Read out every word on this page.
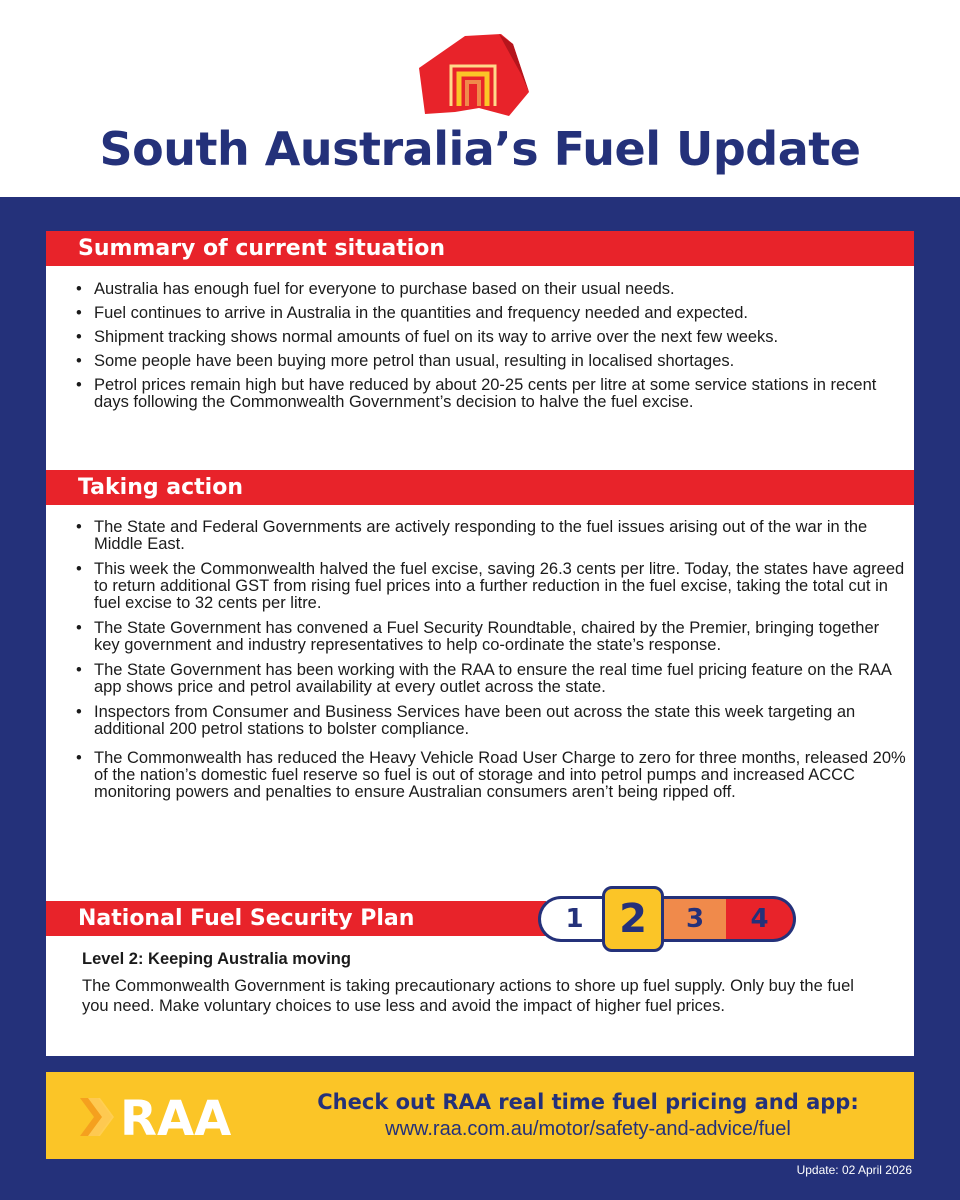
South Australia’s Fuel Update
Summary of current situation
• Australia has enough fuel for everyone to purchase based on their usual needs.
• Fuel continues to arrive in Australia in the quantities and frequency needed and expected.
• Shipment tracking shows normal amounts of fuel on its way to arrive over the next few weeks.
• Some people have been buying more petrol than usual, resulting in localised shortages.
• Petrol prices remain high but have reduced by about 20-25 cents per litre at some service stations in recent days following the Commonwealth Government’s decision to halve the fuel excise.
Taking action
• The State and Federal Governments are actively responding to the fuel issues arising out of the war in the Middle East.
• This week the Commonwealth halved the fuel excise, saving 26.3 cents per litre. Today, the states have agreed to return additional GST from rising fuel prices into a further reduction in the fuel excise, taking the total cut in fuel excise to 32 cents per litre.
• The State Government has convened a Fuel Security Roundtable, chaired by the Premier, bringing together key government and industry representatives to help co-ordinate the state’s response.
• The State Government has been working with the RAA to ensure the real time fuel pricing feature on the RAA app shows price and petrol availability at every outlet across the state.
• Inspectors from Consumer and Business Services have been out across the state this week targeting an additional 200 petrol stations to bolster compliance.
• The Commonwealth has reduced the Heavy Vehicle Road User Charge to zero for three months, released 20% of the nation’s domestic fuel reserve so fuel is out of storage and into petrol pumps and increased ACCC monitoring powers and penalties to ensure Australian consumers aren’t being ripped off.
National Fuel Security Plan
Level 2: Keeping Australia moving
The Commonwealth Government is taking precautionary actions to shore up fuel supply. Only buy the fuel you need. Make voluntary choices to use less and avoid the impact of higher fuel prices.
1	3	4
2
RAA	Check out RAA real time fuel pricing and app:
www.raa.com.au/motor/safety-and-advice/fuel
Update: 02 April 2026
